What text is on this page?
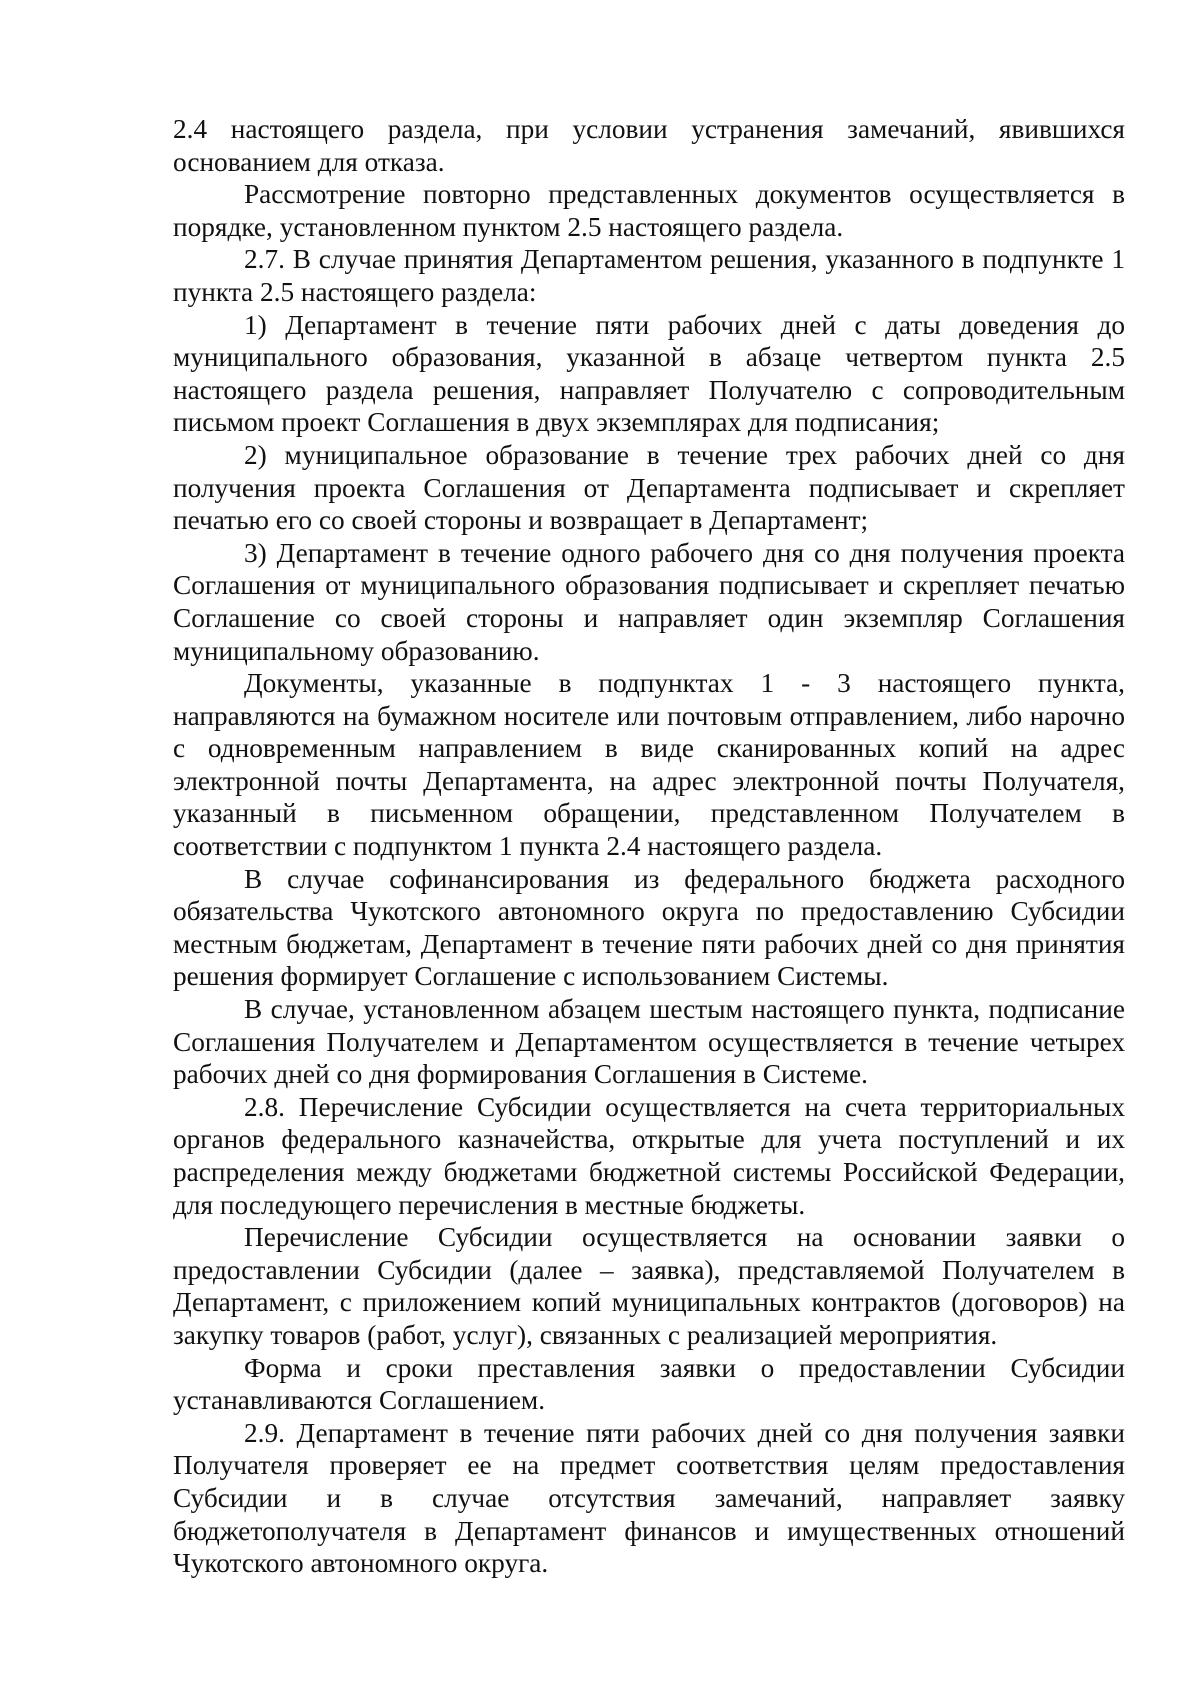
2.4 настоящего раздела, при условии устранения замечаний, явившихся основанием для отказа.

Рассмотрение повторно представленных документов осуществляется в порядке, установленном пунктом 2.5 настоящего раздела.

2.7. В случае принятия Департаментом решения, указанного в подпункте 1 пункта 2.5 настоящего раздела:

1) Департамент в течение пяти рабочих дней с даты доведения до муниципального образования, указанной в абзаце четвертом пункта 2.5 настоящего раздела решения, направляет Получателю с сопроводительным письмом проект Соглашения в двух экземплярах для подписания;

2) муниципальное образование в течение трех рабочих дней со дня получения проекта Соглашения от Департамента подписывает и скрепляет печатью его со своей стороны и возвращает в Департамент;

3) Департамент в течение одного рабочего дня со дня получения проекта Соглашения от муниципального образования подписывает и скрепляет печатью Соглашение со своей стороны и направляет один экземпляр Соглашения муниципальному образованию.

Документы, указанные в подпунктах 1 - 3 настоящего пункта, направляются на бумажном носителе или почтовым отправлением, либо нарочно с одновременным направлением в виде сканированных копий на адрес электронной почты Департамента, на адрес электронной почты Получателя, указанный в письменном обращении, представленном Получателем в соответствии с подпунктом 1 пункта 2.4 настоящего раздела.

В случае софинансирования из федерального бюджета расходного обязательства Чукотского автономного округа по предоставлению Субсидии местным бюджетам, Департамент в течение пяти рабочих дней со дня принятия решения формирует Соглашение с использованием Системы.

В случае, установленном абзацем шестым настоящего пункта, подписание Соглашения Получателем и Департаментом осуществляется в течение четырех рабочих дней со дня формирования Соглашения в Системе.

2.8. Перечисление Субсидии осуществляется на счета территориальных органов федерального казначейства, открытые для учета поступлений и их распределения между бюджетами бюджетной системы Российской Федерации, для последующего перечисления в местные бюджеты.

Перечисление Субсидии осуществляется на основании заявки о предоставлении Субсидии (далее – заявка), представляемой Получателем в Департамент, с приложением копий муниципальных контрактов (договоров) на закупку товаров (работ, услуг), связанных с реализацией мероприятия.

Форма и сроки преставления заявки о предоставлении Субсидии устанавливаются Соглашением.

2.9. Департамент в течение пяти рабочих дней со дня получения заявки Получателя проверяет ее на предмет соответствия целям предоставления Субсидии и в случае отсутствия замечаний, направляет заявку бюджетополучателя в Департамент финансов и имущественных отношений Чукотского автономного округа.
